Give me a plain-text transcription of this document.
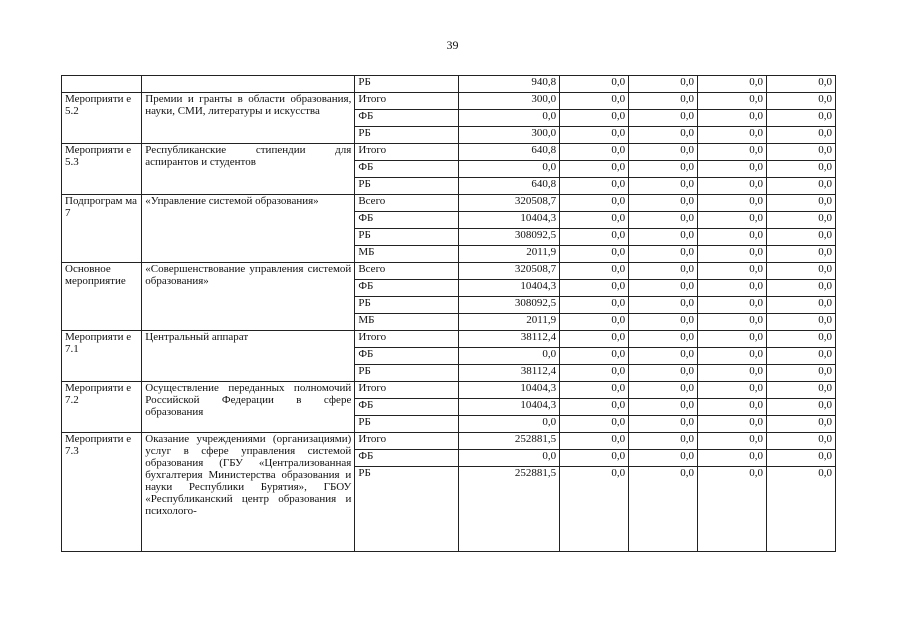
39
		РБ	940,8	0,0	0,0	0,0	0,0
Мероприяти е 5.2	Премии и гранты в области образования, науки, СМИ, литературы и искусства	Итого	300,0	0,0	0,0	0,0	0,0
		ФБ	0,0	0,0	0,0	0,0	0,0
		РБ	300,0	0,0	0,0	0,0	0,0
Мероприяти е 5.3	Республиканские стипендии для аспирантов и студентов	Итого	640,8	0,0	0,0	0,0	0,0
		ФБ	0,0	0,0	0,0	0,0	0,0
		РБ	640,8	0,0	0,0	0,0	0,0
Подпрограм ма 7	«Управление системой образования»	Всего	320508,7	0,0	0,0	0,0	0,0
		ФБ	10404,3	0,0	0,0	0,0	0,0
		РБ	308092,5	0,0	0,0	0,0	0,0
		МБ	2011,9	0,0	0,0	0,0	0,0
Основное мероприятие	«Совершенствование управления системой образования»	Всего	320508,7	0,0	0,0	0,0	0,0
		ФБ	10404,3	0,0	0,0	0,0	0,0
		РБ	308092,5	0,0	0,0	0,0	0,0
		МБ	2011,9	0,0	0,0	0,0	0,0
Мероприяти е 7.1	Центральный аппарат	Итого	38112,4	0,0	0,0	0,0	0,0
		ФБ	0,0	0,0	0,0	0,0	0,0
		РБ	38112,4	0,0	0,0	0,0	0,0
Мероприяти е 7.2	Осуществление переданных полномочий Российской Федерации в сфере образования	Итого	10404,3	0,0	0,0	0,0	0,0
		ФБ	10404,3	0,0	0,0	0,0	0,0
		РБ	0,0	0,0	0,0	0,0	0,0
Мероприяти е 7.3	Оказание учреждениями (организациями) услуг в сфере управления системой образования (ГБУ «Централизованная бухгалтерия Министерства образования и науки Республики Бурятия», ГБОУ «Республиканский центр образования и психолого-	Итого	252881,5	0,0	0,0	0,0	0,0
		ФБ	0,0	0,0	0,0	0,0	0,0
		РБ	252881,5	0,0	0,0	0,0	0,0
